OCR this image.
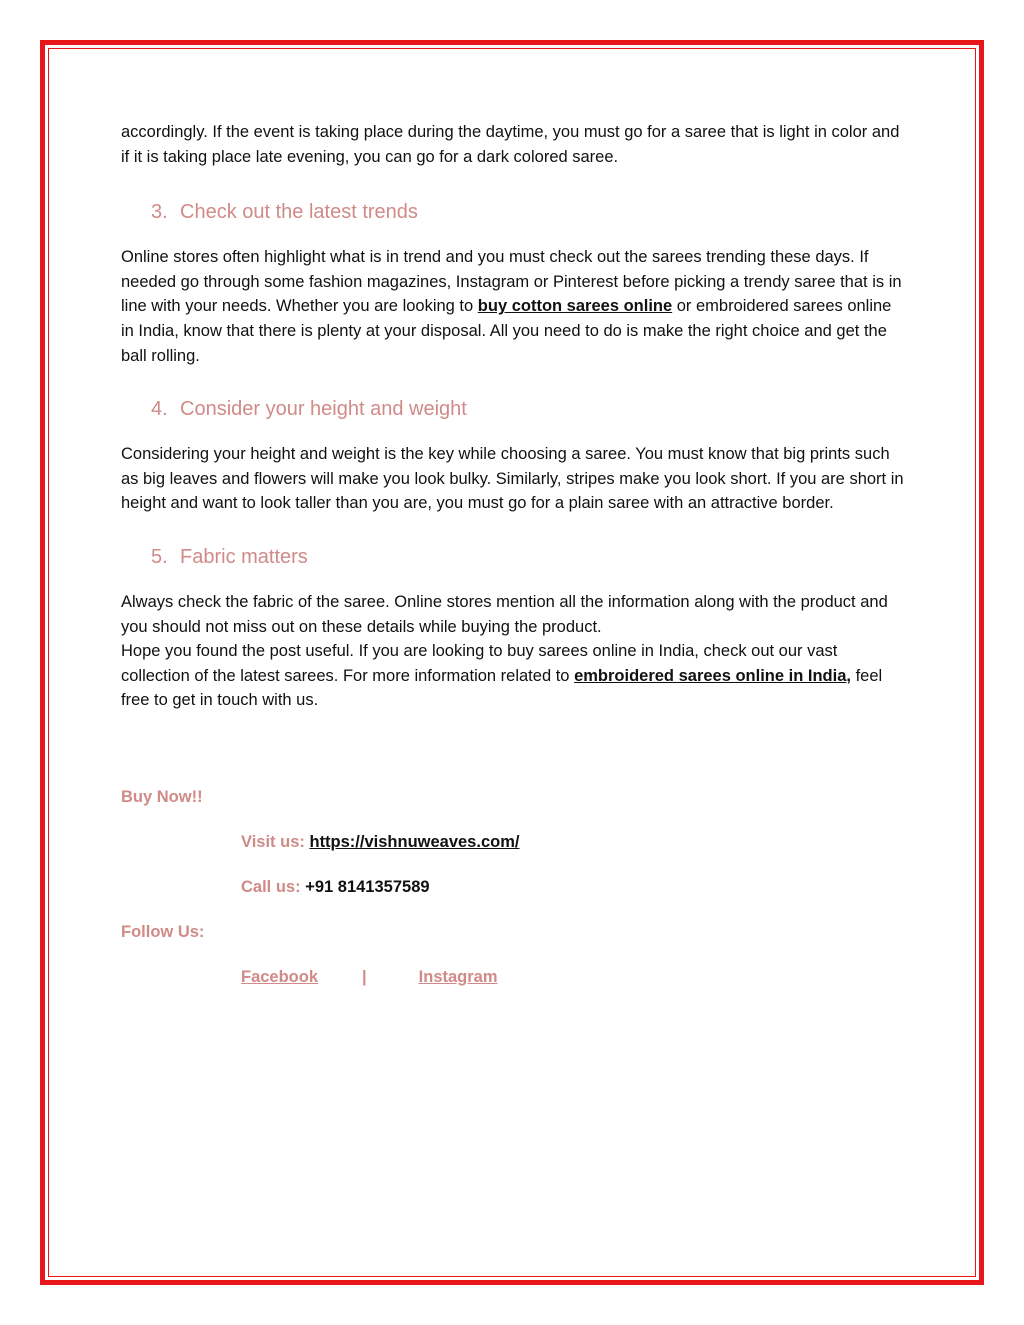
accordingly. If the event is taking place during the daytime, you must go for a saree that is light in color and if it is taking place late evening, you can go for a dark colored saree.

3. Check out the latest trends

Online stores often highlight what is in trend and you must check out the sarees trending these days. If needed go through some fashion magazines, Instagram or Pinterest before picking a trendy saree that is in line with your needs. Whether you are looking to buy cotton sarees online or embroidered sarees online in India, know that there is plenty at your disposal. All you need to do is make the right choice and get the ball rolling.

4. Consider your height and weight

Considering your height and weight is the key while choosing a saree. You must know that big prints such as big leaves and flowers will make you look bulky. Similarly, stripes make you look short. If you are short in height and want to look taller than you are, you must go for a plain saree with an attractive border.

5. Fabric matters

Always check the fabric of the saree. Online stores mention all the information along with the product and you should not miss out on these details while buying the product.

Hope you found the post useful. If you are looking to buy sarees online in India, check out our vast collection of the latest sarees. For more information related to embroidered sarees online in India, feel free to get in touch with us.

Buy Now!!
Visit us: https://vishnuweaves.com/
Call us: +91 8141357589
Follow Us:
Facebook	|	Instagram
